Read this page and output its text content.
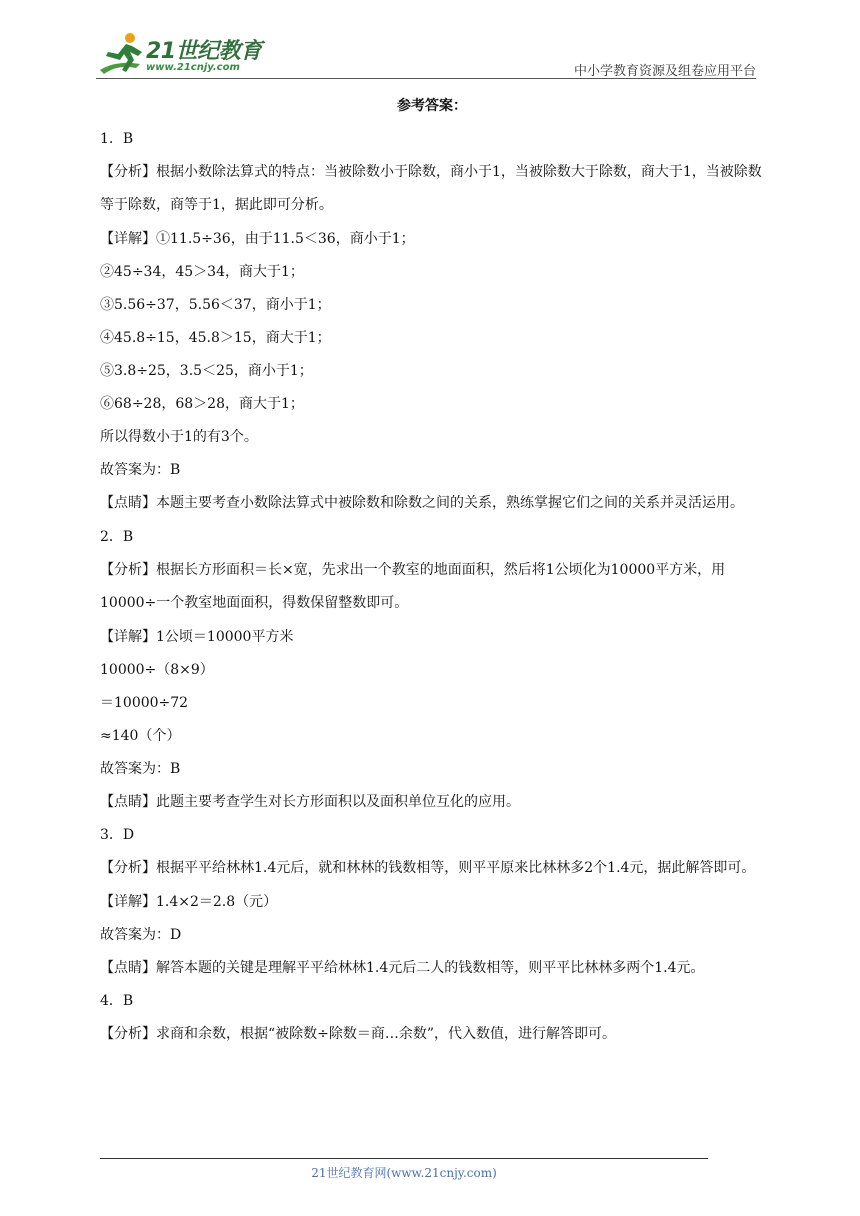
21世纪教育
www.21cnjy.com	中小学教育资源及组卷应用平台
参考答案：
1．B
【分析】根据小数除法算式的特点：当被除数小于除数，商小于1，当被除数大于除数，商大于1，当被除数等于除数，商等于1，据此即可分析。
【详解】①11.5÷36，由于11.5＜36，商小于1；
②45÷34，45＞34，商大于1；
③5.56÷37，5.56＜37，商小于1；
④45.8÷15，45.8＞15，商大于1；
⑤3.8÷25，3.5＜25，商小于1；
⑥68÷28，68＞28，商大于1；
所以得数小于1的有3个。
故答案为：B
【点睛】本题主要考查小数除法算式中被除数和除数之间的关系，熟练掌握它们之间的关系并灵活运用。
2．B
【分析】根据长方形面积＝长×宽，先求出一个教室的地面面积，然后将1公顷化为10000平方米，用10000÷一个教室地面面积，得数保留整数即可。
【详解】1公顷＝10000平方米
10000÷（8×9）
＝10000÷72
≈140（个）
故答案为：B
【点睛】此题主要考查学生对长方形面积以及面积单位互化的应用。
3．D
【分析】根据平平给林林1.4元后，就和林林的钱数相等，则平平原来比林林多2个1.4元，据此解答即可。
【详解】1.4×2＝2.8（元）
故答案为：D
【点睛】解答本题的关键是理解平平给林林1.4元后二人的钱数相等，则平平比林林多两个1.4元。
4．B
【分析】求商和余数，根据“被除数÷除数＝商…余数”，代入数值，进行解答即可。
21世纪教育网(www.21cnjy.com)
